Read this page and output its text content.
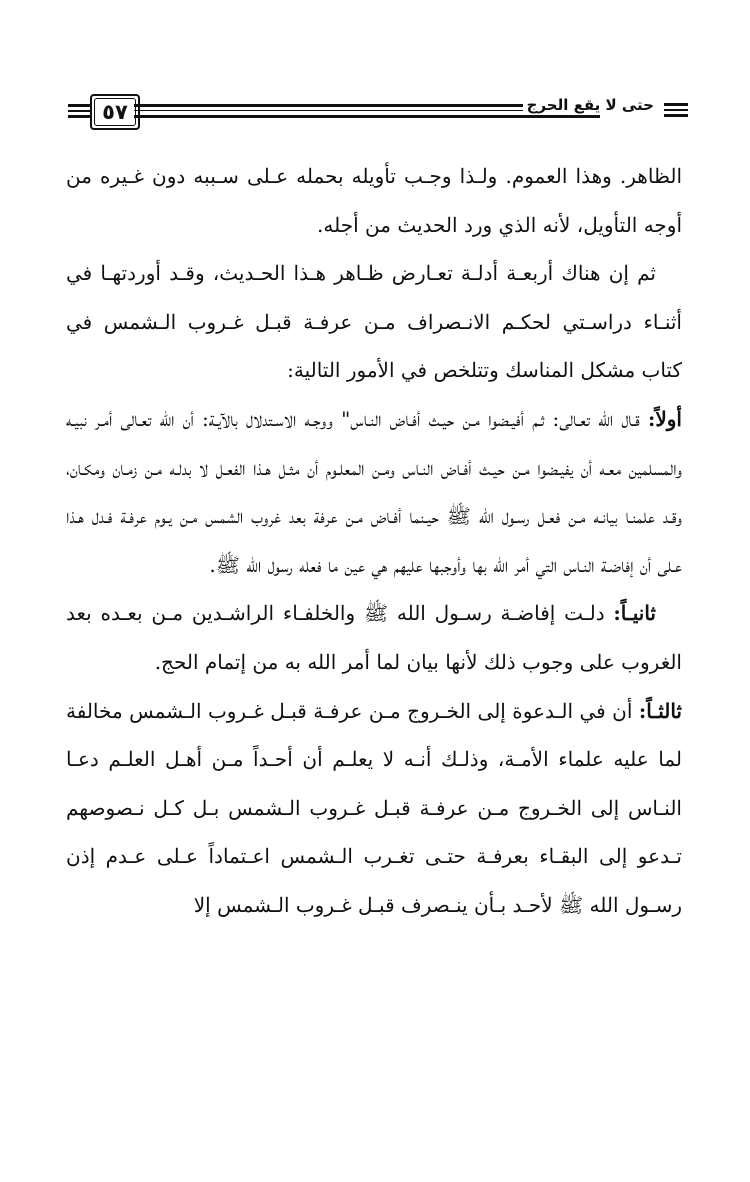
٥٧	حتى لا يقع الحرج

الظاهر. وهذا العموم. ولـذا وجـب تأويله بحمله عـلى سـببه دون غـيره من أوجه التأويل، لأنه الذي ورد الحديث من أجله.

ثم إن هناك أربعـة أدلـة تعـارض ظـاهر هـذا الحـديث، وقـد أوردتهـا في أثنـاء دراسـتي لحكـم الانـصراف مـن عرفـة قبـل غـروب الـشمس في كتاب مشكل المناسك وتتلخص في الأمور التالية:

أولاً: قـال الله تعـالى: ثـم أفيـضوا مـن حيـث أفـاض النـاس" ووجـه الاسـتدلال بالآيـة: أن الله تعـالى أمـر نبيـه والمسلمين معـه أن يفيـضوا مـن حيـث أفـاض النـاس ومـن المعلـوم أن مثـل هـذا الفعـل لا بدلـه مـن زمـان ومكـان، وقـد علمنـا بيانـه مـن فعـل رسـول الله ﷺ حيـنما أفـاض مـن عرفة بعد غروب الشمس مـن يـوم عرفـة فـدل هـذا عـلى أن إفاضـة النـاس التي أمر الله بها وأوجبها عليهم هي عين ما فعله رسول الله ﷺ.

ثانيـاً: دلـت إفاضـة رسـول الله ﷺ والخلفـاء الراشـدين مـن بعـده بعد الغروب على وجوب ذلك لأنها بيان لما أمر الله به من إتمام الحج.

ثالثـاً: أن في الـدعوة إلى الخـروج مـن عرفـة قبـل غـروب الـشمس مخالفة لما عليه علماء الأمـة، وذلـك أنـه لا يعلـم أن أحـداً مـن أهـل العلـم دعـا النـاس إلى الخـروج مـن عرفـة قبـل غـروب الـشمس بـل كـل نـصوصهم تـدعو إلى البقـاء بعرفـة حتـى تغـرب الـشمس اعـتماداً عـلى عـدم إذن رسـول الله ﷺ لأحـد بـأن ينـصرف قبـل غـروب الـشمس إلا
